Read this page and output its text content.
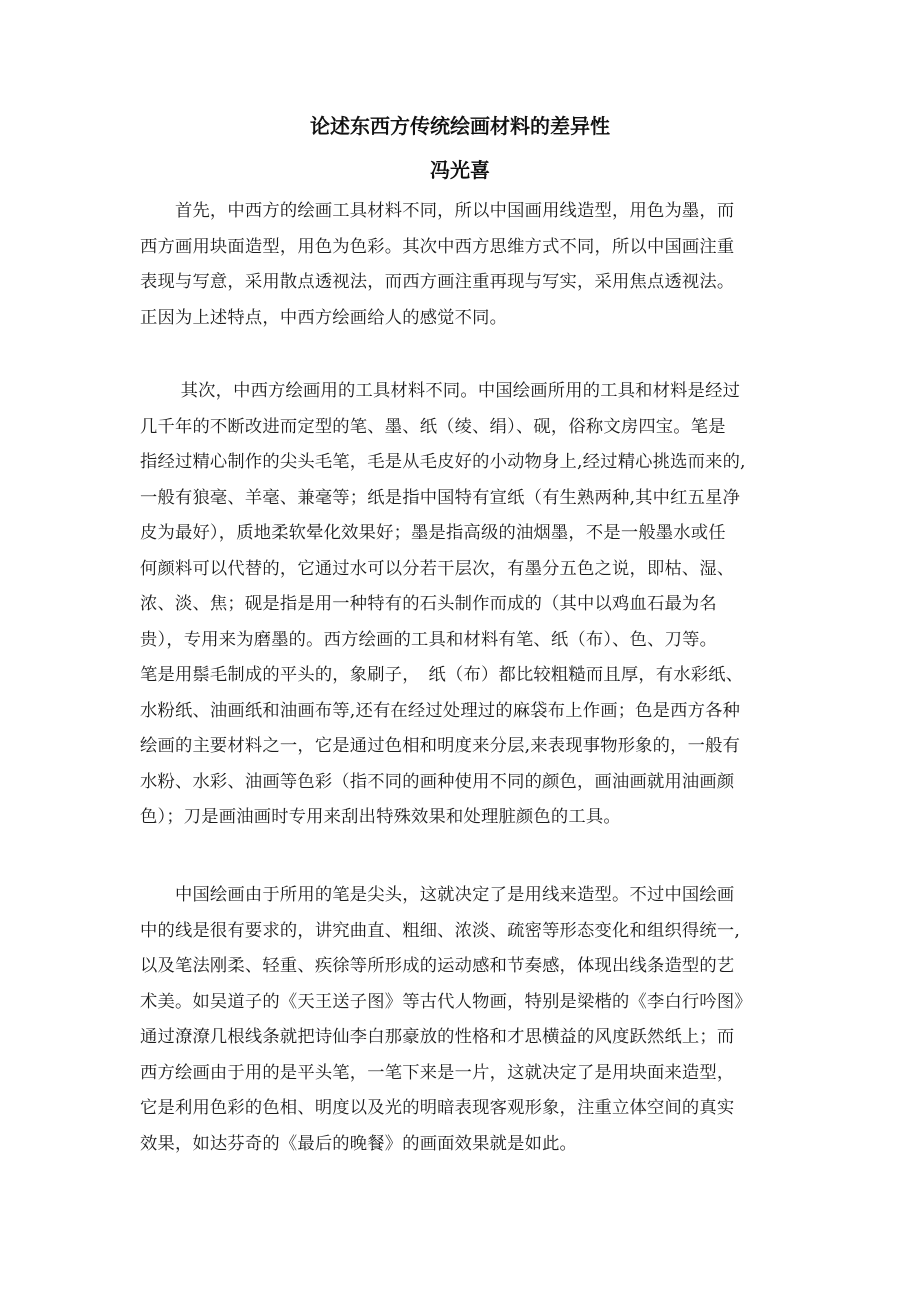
论述东西方传统绘画材料的差异性
冯光喜

　　首先，中西方的绘画工具材料不同，所以中国画用线造型，用色为墨，而
西方画用块面造型，用色为色彩。其次中西方思维方式不同，所以中国画注重
表现与写意，采用散点透视法，而西方画注重再现与写实，采用焦点透视法。
正因为上述特点，中西方绘画给人的感觉不同。

　　 其次，中西方绘画用的工具材料不同。中国绘画所用的工具和材料是经过
几千年的不断改进而定型的笔、墨、纸（绫、绢）、砚，俗称文房四宝。笔是
指经过精心制作的尖头毛笔，毛是从毛皮好的小动物身上,经过精心挑选而来的,
一般有狼毫、羊毫、兼毫等；纸是指中国特有宣纸（有生熟两种,其中红五星净
皮为最好），质地柔软晕化效果好；墨是指高级的油烟墨，不是一般墨水或任
何颜料可以代替的，它通过水可以分若干层次，有墨分五色之说，即枯、湿、
浓、淡、焦；砚是指是用一种特有的石头制作而成的（其中以鸡血石最为名
贵），专用来为磨墨的。西方绘画的工具和材料有笔、纸（布）、色、刀等。
笔是用鬃毛制成的平头的，象刷子，　纸（布）都比较粗糙而且厚，有水彩纸、
水粉纸、油画纸和油画布等,还有在经过处理过的麻袋布上作画；色是西方各种
绘画的主要材料之一，它是通过色相和明度来分层,来表现事物形象的，一般有
水粉、水彩、油画等色彩（指不同的画种使用不同的颜色，画油画就用油画颜
色）；刀是画油画时专用来刮出特殊效果和处理脏颜色的工具。

　　中国绘画由于所用的笔是尖头，这就决定了是用线来造型。不过中国绘画
中的线是很有要求的，讲究曲直、粗细、浓淡、疏密等形态变化和组织得统一,
以及笔法刚柔、轻重、疾徐等所形成的运动感和节奏感，体现出线条造型的艺
术美。如吴道子的《天王送子图》等古代人物画，特别是梁楷的《李白行吟图》
通过潦潦几根线条就把诗仙李白那豪放的性格和才思横益的风度跃然纸上；而
西方绘画由于用的是平头笔，一笔下来是一片，这就决定了是用块面来造型，
它是利用色彩的色相、明度以及光的明暗表现客观形象，注重立体空间的真实
效果，如达芬奇的《最后的晚餐》的画面效果就是如此。
